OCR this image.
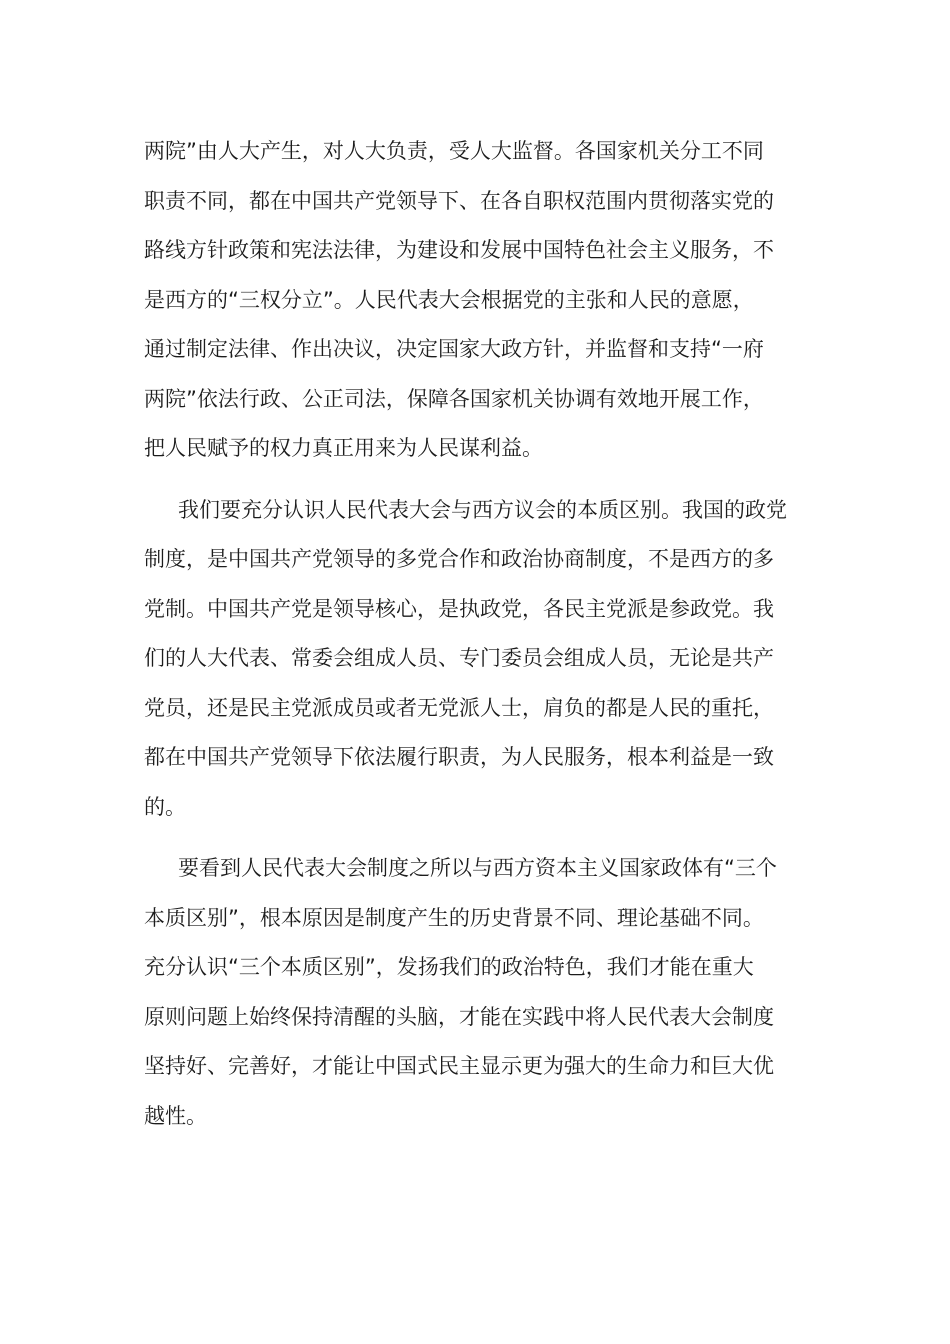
两院”由人大产生，对人大负责，受人大监督。各国家机关分工不同
职责不同，都在中国共产党领导下、在各自职权范围内贯彻落实党的
路线方针政策和宪法法律，为建设和发展中国特色社会主义服务，不
是西方的“三权分立”。人民代表大会根据党的主张和人民的意愿，
通过制定法律、作出决议，决定国家大政方针，并监督和支持“一府
两院”依法行政、公正司法，保障各国家机关协调有效地开展工作，
把人民赋予的权力真正用来为人民谋利益。
我们要充分认识人民代表大会与西方议会的本质区别。我国的政党
制度，是中国共产党领导的多党合作和政治协商制度，不是西方的多
党制。中国共产党是领导核心，是执政党，各民主党派是参政党。我
们的人大代表、常委会组成人员、专门委员会组成人员，无论是共产
党员，还是民主党派成员或者无党派人士，肩负的都是人民的重托，
都在中国共产党领导下依法履行职责，为人民服务，根本利益是一致
的。
要看到人民代表大会制度之所以与西方资本主义国家政体有“三个
本质区别”，根本原因是制度产生的历史背景不同、理论基础不同。
充分认识“三个本质区别”，发扬我们的政治特色，我们才能在重大
原则问题上始终保持清醒的头脑，才能在实践中将人民代表大会制度
坚持好、完善好，才能让中国式民主显示更为强大的生命力和巨大优
越性。
